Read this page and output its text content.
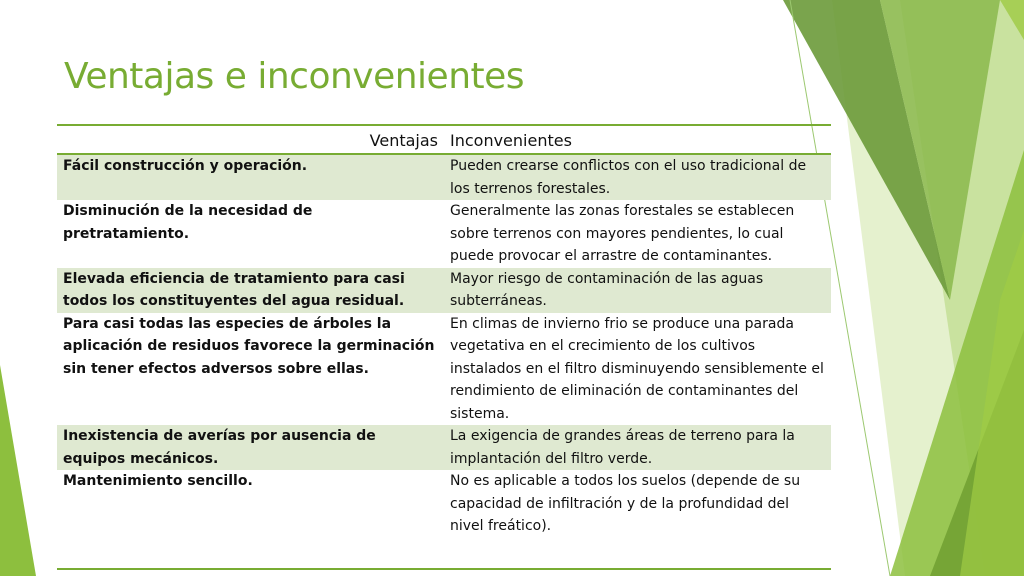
Ventajas e inconvenientes
Ventajas	Inconvenientes
Fácil construcción y operación.	Pueden crearse conflictos con el uso tradicional de los terrenos forestales.
Disminución de la necesidad de pretratamiento.	Generalmente las zonas forestales se establecen sobre terrenos con mayores pendientes, lo cual puede provocar el arrastre de contaminantes.
Elevada eficiencia de tratamiento para casi todos los constituyentes del agua residual.	Mayor riesgo de contaminación de las aguas subterráneas.
Para casi todas las especies de árboles la aplicación de residuos favorece la germinación sin tener efectos adversos sobre ellas.	En climas de invierno frio se produce una parada vegetativa en el crecimiento de los cultivos instalados en el filtro disminuyendo sensiblemente el rendimiento de eliminación de contaminantes del sistema.
Inexistencia de averías por ausencia de equipos mecánicos.	La exigencia de grandes áreas de terreno para la implantación del filtro verde.
Mantenimiento sencillo.	No es aplicable a todos los suelos (depende de su capacidad de infiltración y de la profundidad del nivel freático).
